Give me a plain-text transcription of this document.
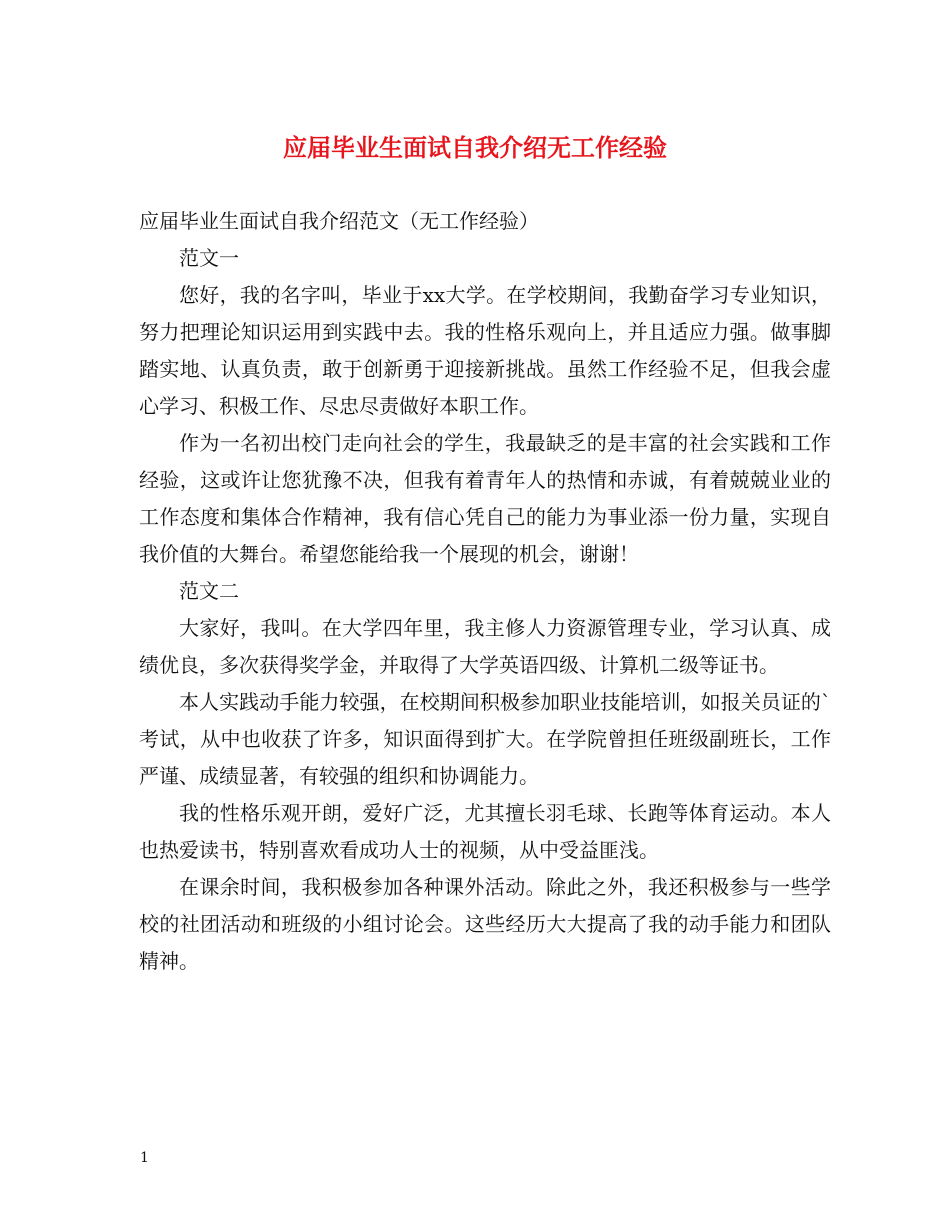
应届毕业生面试自我介绍无工作经验

应届毕业生面试自我介绍范文（无工作经验）

范文一

您好，我的名字叫，毕业于xx大学。在学校期间，我勤奋学习专业知识，努力把理论知识运用到实践中去。我的性格乐观向上，并且适应力强。做事脚踏实地、认真负责，敢于创新勇于迎接新挑战。虽然工作经验不足，但我会虚心学习、积极工作、尽忠尽责做好本职工作。

作为一名初出校门走向社会的学生，我最缺乏的是丰富的社会实践和工作经验，这或许让您犹豫不决，但我有着青年人的热情和赤诚，有着兢兢业业的工作态度和集体合作精神，我有信心凭自己的能力为事业添一份力量，实现自我价值的大舞台。希望您能给我一个展现的机会，谢谢！

范文二

大家好，我叫。在大学四年里，我主修人力资源管理专业，学习认真、成绩优良，多次获得奖学金，并取得了大学英语四级、计算机二级等证书。

本人实践动手能力较强，在校期间积极参加职业技能培训，如报关员证的`考试，从中也收获了许多，知识面得到扩大。在学院曾担任班级副班长，工作严谨、成绩显著，有较强的组织和协调能力。

我的性格乐观开朗，爱好广泛，尤其擅长羽毛球、长跑等体育运动。本人也热爱读书，特别喜欢看成功人士的视频，从中受益匪浅。

在课余时间，我积极参加各种课外活动。除此之外，我还积极参与一些学校的社团活动和班级的小组讨论会。这些经历大大提高了我的动手能力和团队精神。

1
